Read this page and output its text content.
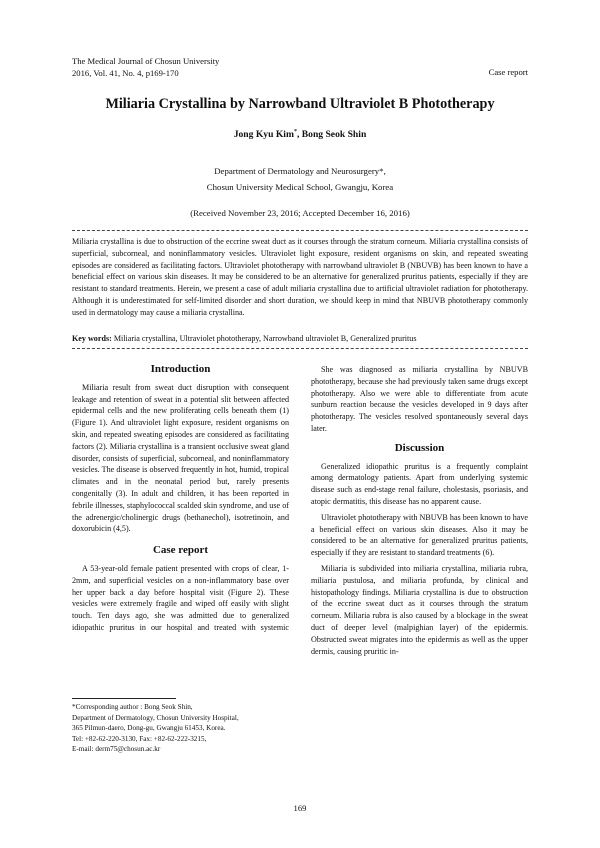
The Medical Journal of Chosun University
2016, Vol. 41, No. 4, p169-170	Case report
Miliaria Crystallina by Narrowband Ultraviolet B Phototherapy
Jong Kyu Kim*, Bong Seok Shin
Department of Dermatology and Neurosurgery*,
Chosun University Medical School, Gwangju, Korea
(Received November 23, 2016; Accepted December 16, 2016)
Miliaria crystallina is due to obstruction of the eccrine sweat duct as it courses through the stratum corneum. Miliaria crystallina consists of superficial, subcorneal, and noninflammatory vesicles. Ultraviolet light exposure, resident organisms on skin, and repeated sweating episodes are considered as facilitating factors. Ultraviolet phototherapy with narrowband ultraviolet B (NBUVB) has been known to have a beneficial effect on various skin diseases. It may be considered to be an alternative for generalized pruritus patients, especially if they are resistant to standard treatments. Herein, we present a case of adult miliaria crystallina due to artificial ultraviolet radiation for phototherapy. Although it is underestimated for self-limited disorder and short duration, we should keep in mind that NBUVB phototherapy commonly used in dermatology may cause a miliaria crystallina.
Key words: Miliaria crystallina, Ultraviolet phototherapy, Narrowband ultraviolet B, Generalized pruritus
Introduction

Miliaria result from sweat duct disruption with consequent leakage and retention of sweat in a potential slit between affected epidermal cells and the new proliferating cells beneath them (1) (Figure 1). And ultraviolet light exposure, resident organisms on skin, and repeated sweating episodes are considered as facilitating factors (2). Miliaria crystallina is a transient occlusive sweat gland disorder, consists of superficial, subcorneal, and noninflammatory vesicles. The disease is observed frequently in hot, humid, tropical climates and in the neonatal period but, rarely presents congenitally (3). In adult and children, it has been reported in febrile illnesses, staphylococcal scalded skin syndrome, and use of the adrenergic/cholinergic drugs (bethanechol), isotretinoin, and doxorubicin (4,5).

Case report

A 53-year-old female patient presented with crops of clear, 1-2mm, and superficial vesicles on a non-inflammatory base over her upper back a day before hospital visit (Figure 2). These vesicles were extremely fragile and wiped off easily with slight touch. Ten days ago, she was admitted due to generalized idiopathic pruritus in our hospital and treated with systemic

She was diagnosed as miliaria crystallina by NBUVB phototherapy, because she had previously taken same drugs except phototherapy. Also we were able to differentiate from acute sunburn reaction because the vesicles developed in 9 days after phototherapy. The vesicles resolved spontaneously several days later.

Discussion

Generalized idiopathic pruritus is a frequently complaint among dermatology patients. Apart from underlying systemic disease such as end-stage renal failure, cholestasis, psoriasis, and atopic dermatitis, this disease has no apparent cause.

Ultraviolet phototherapy with NBUVB has been known to have a beneficial effect on various skin diseases. Also it may be considered to be an alternative for generalized pruritus patients, especially if they are resistant to standard treatments (6).

Miliaria is subdivided into miliaria crystallina, miliaria rubra, miliaria pustulosa, and miliaria profunda, by clinical and histopathology findings. Miliaria crystallina is due to obstruction of the eccrine sweat duct as it courses through the stratum corneum. Miliaria rubra is also caused by a blockage in the sweat duct of deeper level (malpighian layer) of the epidermis. Obstructed sweat migrates into the epidermis as well as the upper dermis, causing pruritic in-

*Corresponding author : Bong Seok Shin,
Department of Dermatology, Chosun University Hospital,
365 Pilmun-daero, Dong-gu, Gwangju 61453, Korea.
Tel: +82-62-220-3130, Fax: +82-62-222-3215,
E-mail: derm75@chosun.ac.kr
169
